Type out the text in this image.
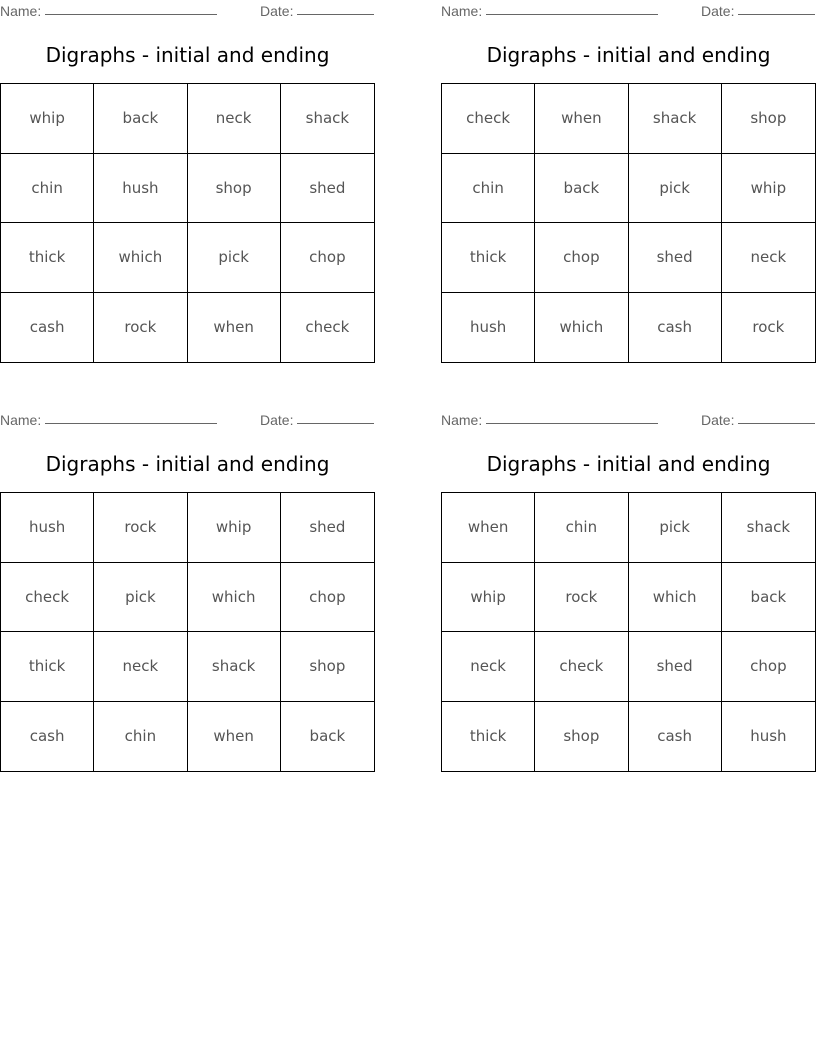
Name:	Date:
Digraphs - initial and ending
whip	back	neck	shack
chin	hush	shop	shed
thick	which	pick	chop
cash	rock	when	check
Name:	Date:
Digraphs - initial and ending
check	when	shack	shop
chin	back	pick	whip
thick	chop	shed	neck
hush	which	cash	rock
Name:	Date:
Digraphs - initial and ending
hush	rock	whip	shed
check	pick	which	chop
thick	neck	shack	shop
cash	chin	when	back
Name:	Date:
Digraphs - initial and ending
when	chin	pick	shack
whip	rock	which	back
neck	check	shed	chop
thick	shop	cash	hush
